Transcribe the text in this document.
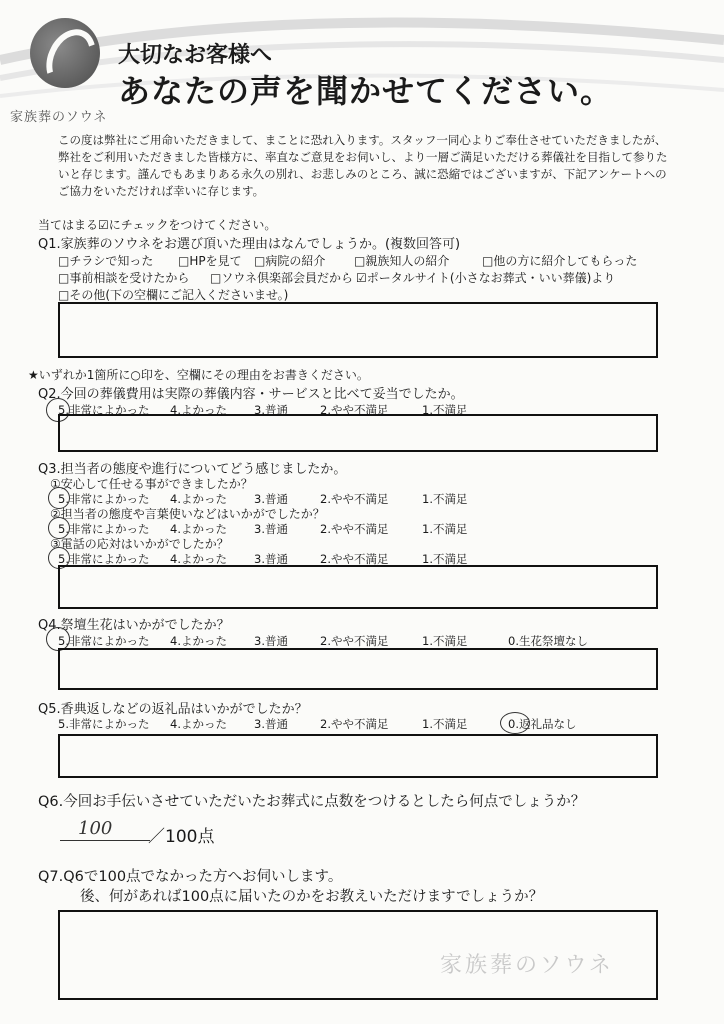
家族葬のソウネ
大切なお客様へ
あなたの声を聞かせてください。
この度は弊社にご用命いただきまして、まことに恐れ入ります。スタッフ一同心よりご奉仕させていただきましたが、弊社をご利用いただきました皆様方に、率直なご意見をお伺いし、より一層ご満足いただける葬儀社を目指して参りたいと存じます。謹んでもあまりある永久の別れ、お悲しみのところ、誠に恐縮ではございますが、下記アンケートへのご協力をいただければ幸いに存じます。
当てはまる☑にチェックをつけてください。
Q1.家族葬のソウネをお選び頂いた理由はなんでしょうか。(複数回答可)
□チラシで知った □HPを見て □病院の紹介 □親族知人の紹介	□他の方に紹介してもらった
□事前相談を受けたから □ソウネ倶楽部会員だから ☑ポータルサイト(小さなお葬式・いい葬儀)より
□その他(下の空欄にご記入くださいませ。)
★いずれか1箇所に○印を、空欄にその理由をお書きください。
Q2.今回の葬儀費用は実際の葬儀内容・サービスと比べて妥当でしたか。
5.非常によかった 4.よかった 3.普通	2.やや不満足	1.不満足
Q3.担当者の態度や進行についてどう感じましたか。
①安心して任せる事ができましたか？
5.非常によかった 4.よかった 3.普通	2.やや不満足	1.不満足
②担当者の態度や言葉使いなどはいかがでしたか？
5.非常によかった 4.よかった 3.普通	2.やや不満足	1.不満足
③電話の応対はいかがでしたか？
5.非常によかった 4.よかった 3.普通	2.やや不満足	1.不満足
Q4.祭壇生花はいかがでしたか？
5.非常によかった 4.よかった 3.普通	2.やや不満足	1.不満足	0.生花祭壇なし
Q5.香典返しなどの返礼品はいかがでしたか？
5.非常によかった 4.よかった 3.普通	2.やや不満足	1.不満足	0.返礼品なし
Q6.今回お手伝いさせていただいたお葬式に点数をつけるとしたら何点でしょうか？
100 ／100点
Q7.Q6で100点でなかった方へお伺いします。
後、何があれば100点に届いたのかをお教えいただけますでしょうか？
家族葬のソウネ
